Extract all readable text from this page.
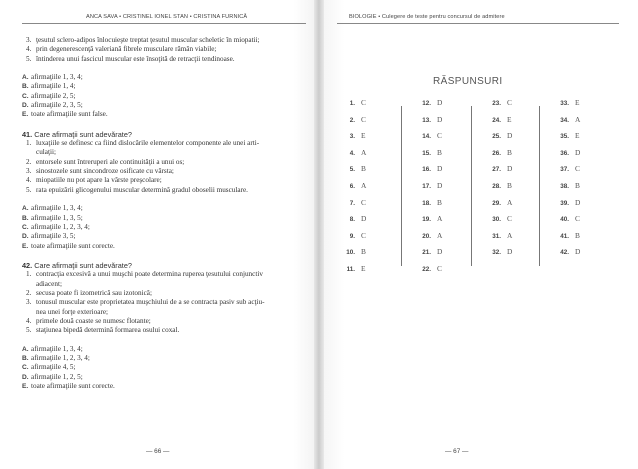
ANCA SAVA • CRISTINEL IONEL STAN • CRISTINA FURNICĂ
3. ţesutul sclero-adipos înlocuieşte treptat ţesutul muscular scheletic în miopatii;
4. prin degenerescenţă valeriană fibrele musculare rămân viabile;
5. întinderea unui fascicul muscular este însoţită de retracţii tendinoase.
A. afirmaţiile 1, 3, 4;
B. afirmaţiile 1, 4;
C. afirmaţiile 2, 5;
D. afirmaţiile 2, 3, 5;
E. toate afirmaţiile sunt false.
41. Care afirmaţii sunt adevărate?
1. luxaţiile se definesc ca fiind dislocările elementelor componente ale unei arti-
culaţii;
2. entorsele sunt întreruperi ale continuităţii a unui os;
3. sinostozele sunt sincondroze osificate cu vârsta;
4. miopatiile nu pot apare la vârste preşcolare;
5. rata epuizării glicogenului muscular determină gradul oboselii musculare.
A. afirmaţiile 1, 3, 4;
B. afirmaţiile 1, 3, 5;
C. afirmaţiile 1, 2, 3, 4;
D. afirmaţiile 3, 5;
E. toate afirmaţiile sunt corecte.
42. Care afirmaţii sunt adevărate?
1. contracţia excesivă a unui muşchi poate determina ruperea ţesutului conjunctiv
adiacent;
2. secusa poate fi izometrică sau izotonică;
3. tonusul muscular este proprietatea muşchiului de a se contracta pasiv sub acţiu-
nea unei forţe exterioare;
4. primele două coaste se numesc flotante;
5. staţiunea bipedă determină formarea osului coxal.
A. afirmaţiile 1, 3, 4;
B. afirmaţiile 1, 2, 3, 4;
C. afirmaţiile 4, 5;
D. afirmaţiile 1, 2, 5;
E. toate afirmaţiile sunt corecte.
— 66 —
BIOLOGIE • Culegere de teste pentru concursul de admitere
RĂSPUNSURI
1. C
2. C
3. E
4. A
5. B
6. A
7. C
8. D
9. C
10. B
11. E
12. D
13. D
14. C
15. B
16. D
17. D
18. B
19. A
20. A
21. D
22. C
23. C
24. E
25. D
26. B
27. D
28. B
29. A
30. C
31. A
32. D
33. E
34. A
35. E
36. D
37. C
38. B
39. D
40. C
41. B
42. D
— 67 —
